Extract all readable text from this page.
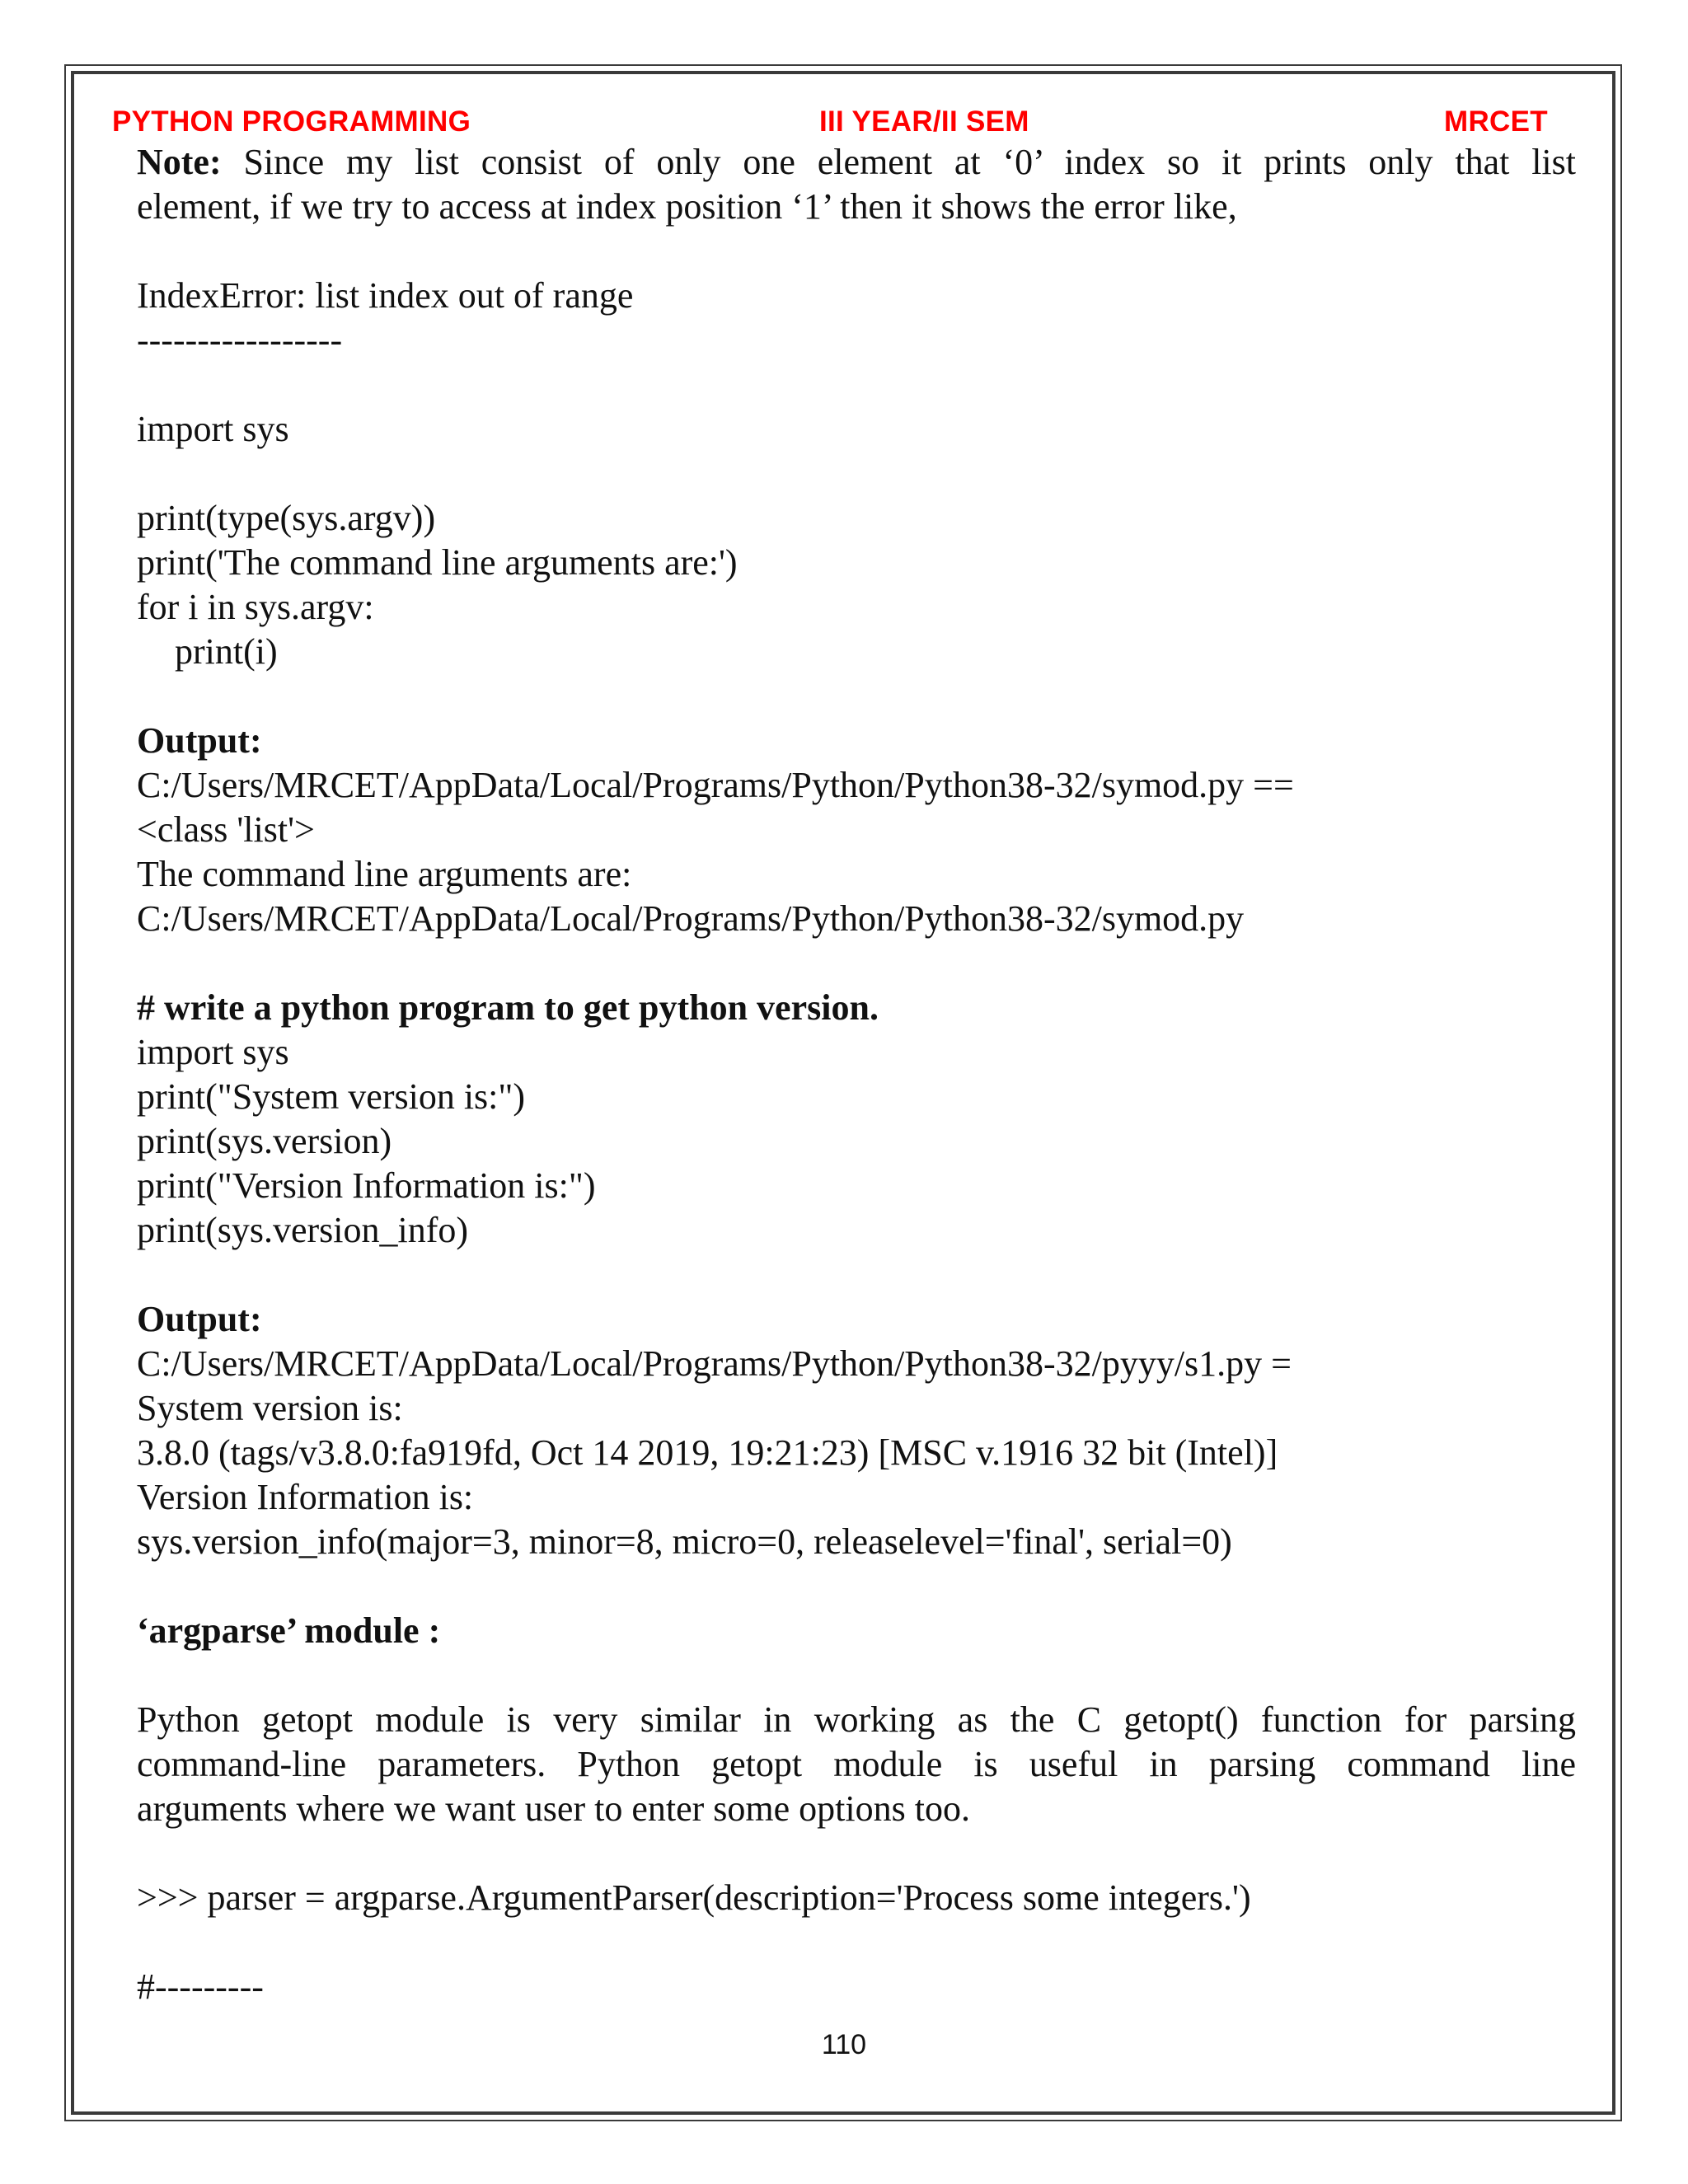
PYTHON PROGRAMMING	III YEAR/II SEM	MRCET
Note: Since my list consist of only one element at ‘0’ index so it prints only that list
element, if we try to access at index position ‘1’ then it shows the error like,
IndexError: list index out of range
-----------------
import sys
print(type(sys.argv))
print('The command line arguments are:')
for i in sys.argv:
print(i)
Output:
C:/Users/MRCET/AppData/Local/Programs/Python/Python38-32/symod.py ==
<class 'list'>
The command line arguments are:
C:/Users/MRCET/AppData/Local/Programs/Python/Python38-32/symod.py
# write a python program to get python version.
import sys
print("System version is:")
print(sys.version)
print("Version Information is:")
print(sys.version_info)
Output:
C:/Users/MRCET/AppData/Local/Programs/Python/Python38-32/pyyy/s1.py =
System version is:
3.8.0 (tags/v3.8.0:fa919fd, Oct 14 2019, 19:21:23) [MSC v.1916 32 bit (Intel)]
Version Information is:
sys.version_info(major=3, minor=8, micro=0, releaselevel='final', serial=0)
‘argparse’ module :
Python getopt module is very similar in working as the C getopt() function for parsing
command-line parameters. Python getopt module is useful in parsing command line
arguments where we want user to enter some options too.
>>> parser = argparse.ArgumentParser(description='Process some integers.')
#---------
110
